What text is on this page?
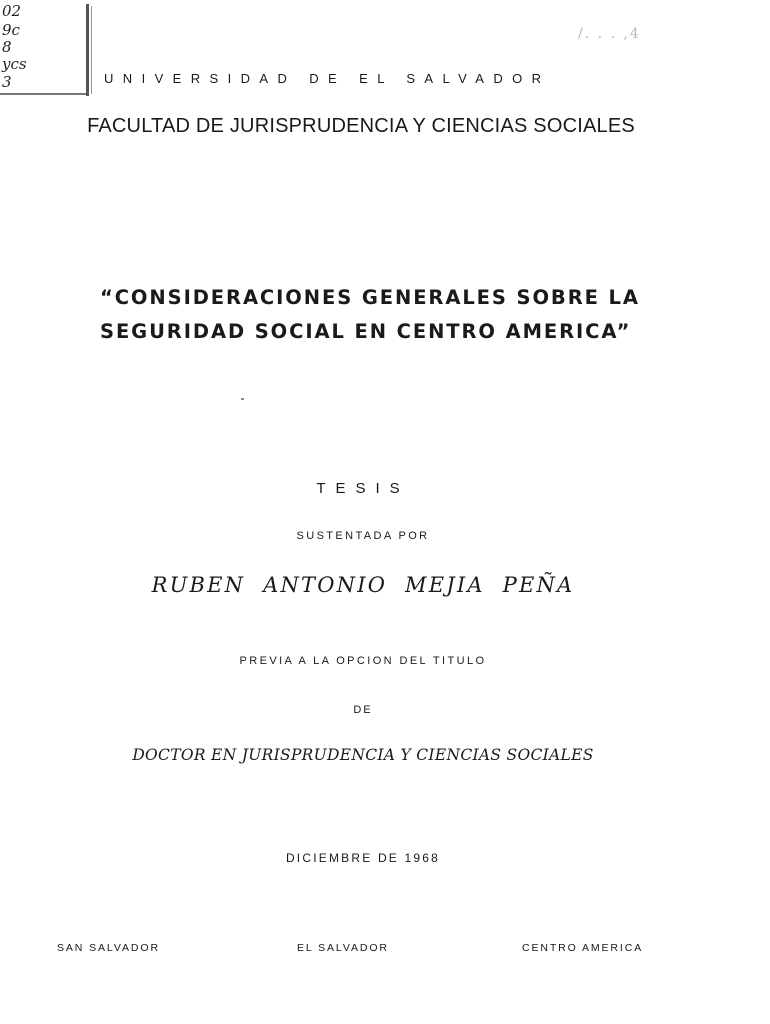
02

9c

8

ycs

3

/. . . ,4

UNIVERSIDAD DE EL SALVADOR

FACULTAD DE JURISPRUDENCIA Y CIENCIAS SOCIALES

“CONSIDERACIONES GENERALES SOBRE LA

SEGURIDAD SOCIAL EN CENTRO AMERICA”

TESIS

SUSTENTADA POR

RUBEN ANTONIO MEJIA PEÑA

PREVIA A LA OPCION DEL TITULO

DE

DOCTOR EN JURISPRUDENCIA Y CIENCIAS SOCIALES

DICIEMBRE DE 1968

SAN SALVADOR	EL SALVADOR	CENTRO AMERICA
